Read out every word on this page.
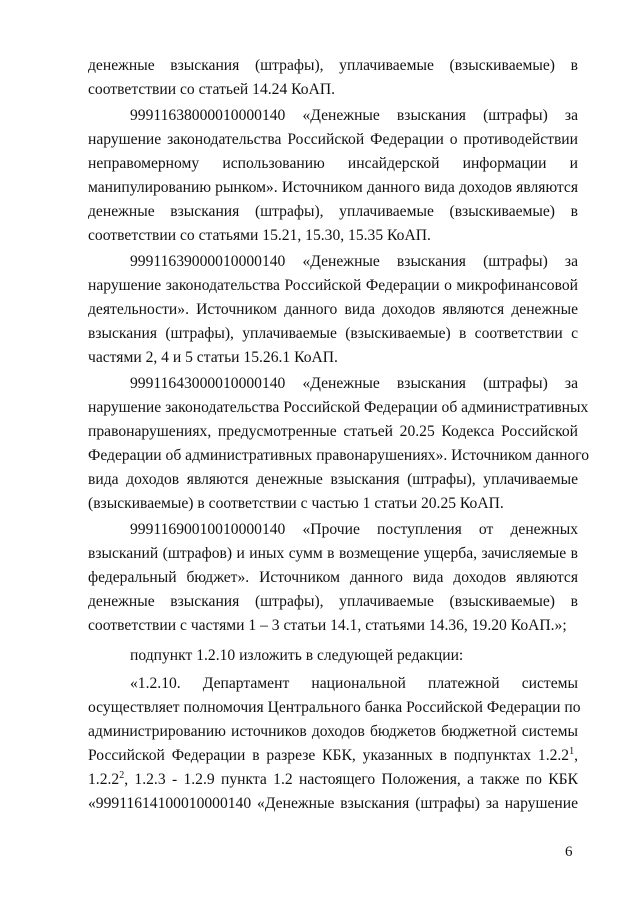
денежные взыскания (штрафы), уплачиваемые (взыскиваемые) в
соответствии со статьей 14.24 КоАП.
99911638000010000140 «Денежные взыскания (штрафы) за
нарушение законодательства Российской Федерации о противодействии
неправомерному использованию инсайдерской информации и
манипулированию рынком». Источником данного вида доходов являются
денежные взыскания (штрафы), уплачиваемые (взыскиваемые) в
соответствии со статьями 15.21, 15.30, 15.35 КоАП.
99911639000010000140 «Денежные взыскания (штрафы) за
нарушение законодательства Российской Федерации о микрофинансовой
деятельности». Источником данного вида доходов являются денежные
взыскания (штрафы), уплачиваемые (взыскиваемые) в соответствии с
частями 2, 4 и 5 статьи 15.26.1 КоАП.
99911643000010000140 «Денежные взыскания (штрафы) за
нарушение законодательства Российской Федерации об административных
правонарушениях, предусмотренные статьей 20.25 Кодекса Российской
Федерации об административных правонарушениях». Источником данного
вида доходов являются денежные взыскания (штрафы), уплачиваемые
(взыскиваемые) в соответствии с частью 1 статьи 20.25 КоАП.
99911690010010000140 «Прочие поступления от денежных
взысканий (штрафов) и иных сумм в возмещение ущерба, зачисляемые в
федеральный бюджет». Источником данного вида доходов являются
денежные взыскания (штрафы), уплачиваемые (взыскиваемые) в
соответствии с частями 1 – 3 статьи 14.1, статьями 14.36, 19.20 КоАП.»;
подпункт 1.2.10 изложить в следующей редакции:
«1.2.10. Департамент национальной платежной системы
осуществляет полномочия Центрального банка Российской Федерации по
администрированию источников доходов бюджетов бюджетной системы
Российской Федерации в разрезе КБК, указанных в подпунктах 1.2.2$^1$,
1.2.2$^2$, 1.2.3 - 1.2.9 пункта 1.2 настоящего Положения, а также по КБК
«99911614100010000140 «Денежные взыскания (штрафы) за нарушение
6
